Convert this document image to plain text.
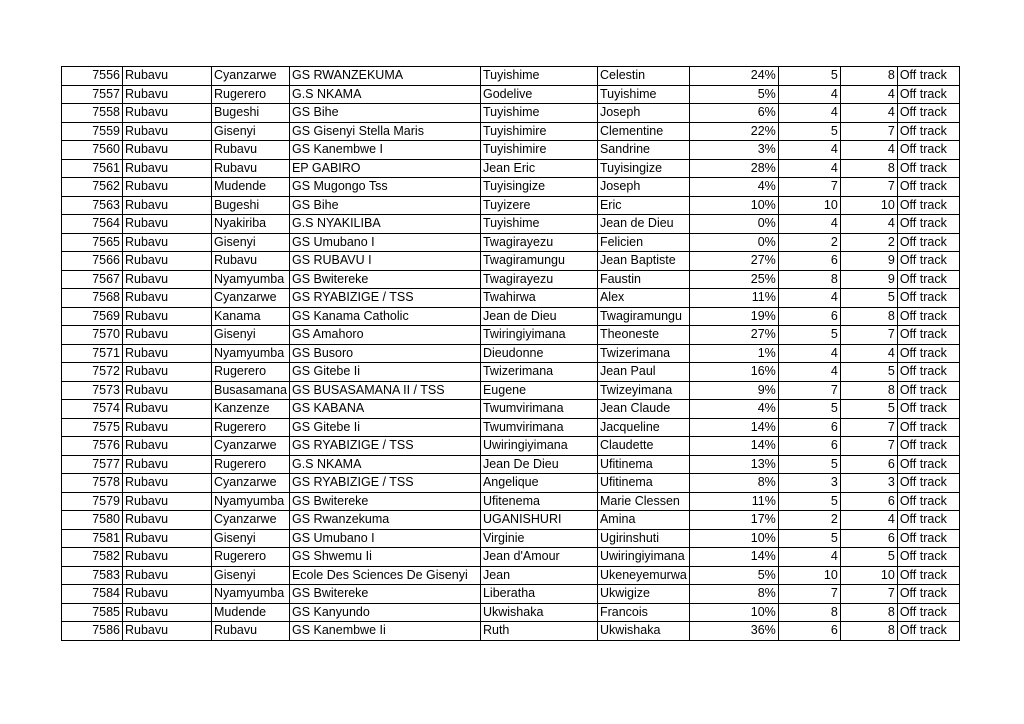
7556	Rubavu	Cyanzarwe	GS RWANZEKUMA	Tuyishime	Celestin	24%	5	8	Off track
7557	Rubavu	Rugerero	G.S NKAMA	Godelive	Tuyishime	5%	4	4	Off track
7558	Rubavu	Bugeshi	GS Bihe	Tuyishime	Joseph	6%	4	4	Off track
7559	Rubavu	Gisenyi	GS Gisenyi Stella Maris	Tuyishimire	Clementine	22%	5	7	Off track
7560	Rubavu	Rubavu	GS Kanembwe I	Tuyishimire	Sandrine	3%	4	4	Off track
7561	Rubavu	Rubavu	EP GABIRO	Jean Eric	Tuyisingize	28%	4	8	Off track
7562	Rubavu	Mudende	GS Mugongo Tss	Tuyisingize	Joseph	4%	7	7	Off track
7563	Rubavu	Bugeshi	GS Bihe	Tuyizere	Eric	10%	10	10	Off track
7564	Rubavu	Nyakiriba	G.S NYAKILIBA	Tuyishime	Jean de Dieu	0%	4	4	Off track
7565	Rubavu	Gisenyi	GS Umubano I	Twagirayezu	Felicien	0%	2	2	Off track
7566	Rubavu	Rubavu	GS RUBAVU I	Twagiramungu	Jean Baptiste	27%	6	9	Off track
7567	Rubavu	Nyamyumba	GS Bwitereke	Twagirayezu	Faustin	25%	8	9	Off track
7568	Rubavu	Cyanzarwe	GS RYABIZIGE / TSS	Twahirwa	Alex	11%	4	5	Off track
7569	Rubavu	Kanama	GS Kanama Catholic	Jean de Dieu	Twagiramungu	19%	6	8	Off track
7570	Rubavu	Gisenyi	GS Amahoro	Twiringiyimana	Theoneste	27%	5	7	Off track
7571	Rubavu	Nyamyumba	GS Busoro	Dieudonne	Twizerimana	1%	4	4	Off track
7572	Rubavu	Rugerero	GS Gitebe Ii	Twizerimana	Jean Paul	16%	4	5	Off track
7573	Rubavu	Busasamana	GS BUSASAMANA II / TSS	Eugene	Twizeyimana	9%	7	8	Off track
7574	Rubavu	Kanzenze	GS KABANA	Twumvirimana	Jean Claude	4%	5	5	Off track
7575	Rubavu	Rugerero	GS Gitebe Ii	Twumvirimana	Jacqueline	14%	6	7	Off track
7576	Rubavu	Cyanzarwe	GS RYABIZIGE / TSS	Uwiringiyimana	Claudette	14%	6	7	Off track
7577	Rubavu	Rugerero	G.S NKAMA	Jean De Dieu	Ufitinema	13%	5	6	Off track
7578	Rubavu	Cyanzarwe	GS RYABIZIGE / TSS	Angelique	Ufitinema	8%	3	3	Off track
7579	Rubavu	Nyamyumba	GS Bwitereke	Ufitenema	Marie Clessen	11%	5	6	Off track
7580	Rubavu	Cyanzarwe	GS Rwanzekuma	UGANISHURI	Amina	17%	2	4	Off track
7581	Rubavu	Gisenyi	GS Umubano I	Virginie	Ugirinshuti	10%	5	6	Off track
7582	Rubavu	Rugerero	GS Shwemu Ii	Jean d'Amour	Uwiringiyimana	14%	4	5	Off track
7583	Rubavu	Gisenyi	Ecole Des Sciences De Gisenyi	Jean	Ukeneyemurwa	5%	10	10	Off track
7584	Rubavu	Nyamyumba	GS Bwitereke	Liberatha	Ukwigize	8%	7	7	Off track
7585	Rubavu	Mudende	GS Kanyundo	Ukwishaka	Francois	10%	8	8	Off track
7586	Rubavu	Rubavu	GS Kanembwe Ii	Ruth	Ukwishaka	36%	6	8	Off track
